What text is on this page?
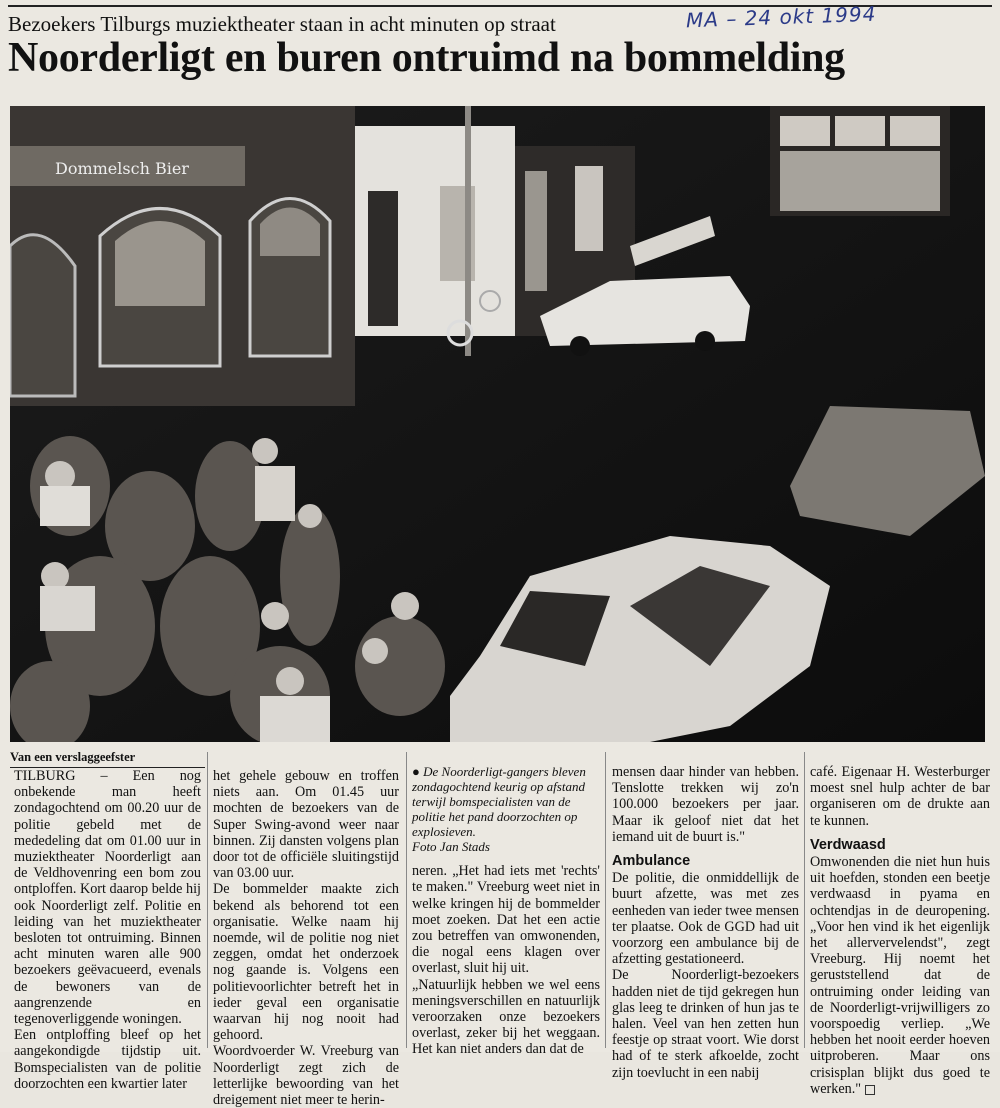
Bezoekers Tilburgs muziektheater staan in acht minuten op straat	MA – 24 okt 1994
Noorderligt en buren ontruimd na bommelding
Dommelsch Bier
Van een verslaggeefster

TILBURG – Een nog onbekende man heeft zondagochtend om 00.20 uur de politie gebeld met de mededeling dat om 01.00 uur in muziektheater Noorderligt aan de Veldhovenring een bom zou ontploffen. Kort daarop belde hij ook Noorderligt zelf. Politie en leiding van het muziektheater besloten tot ontruiming. Binnen acht minuten waren alle 900 bezoekers geëvacueerd, evenals de bewoners van de aangrenzende en tegenoverliggende woningen.

Een ontploffing bleef op het aangekondigde tijdstip uit. Bomspecialisten van de politie doorzochten een kwartier later

het gehele gebouw en troffen niets aan. Om 01.45 uur mochten de bezoekers van de Super Swing-avond weer naar binnen. Zij dansten volgens plan door tot de officiële sluitingstijd van 03.00 uur.

De bommelder maakte zich bekend als behorend tot een organisatie. Welke naam hij noemde, wil de politie nog niet zeggen, omdat het onderzoek nog gaande is. Volgens een politievoorlichter betreft het in ieder geval een organisatie waarvan hij nog nooit had gehoord.

Woordvoerder W. Vreeburg van Noorderligt zegt zich de letterlijke bewoording van het dreigement niet meer te herin-

● De Noorderligt-gangers bleven zondagochtend keurig op afstand terwijl bomspecialisten van de politie het pand doorzochten op explosieven.

Foto Jan Stads

neren. „Het had iets met 'rechts' te maken." Vreeburg weet niet in welke kringen hij de bommelder moet zoeken. Dat het een actie zou betreffen van omwonenden, die nogal eens klagen over overlast, sluit hij uit.

„Natuurlijk hebben we wel eens meningsverschillen en natuurlijk veroorzaken onze bezoekers overlast, zeker bij het weggaan. Het kan niet anders dan dat de

mensen daar hinder van hebben. Tenslotte trekken wij zo'n 100.000 bezoekers per jaar. Maar ik geloof niet dat het iemand uit de buurt is."

Ambulance

De politie, die onmiddellijk de buurt afzette, was met zes eenheden van ieder twee mensen ter plaatse. Ook de GGD had uit voorzorg een ambulance bij de afzetting gestationeerd.

De Noorderligt-bezoekers hadden niet de tijd gekregen hun glas leeg te drinken of hun jas te halen. Veel van hen zetten hun feestje op straat voort. Wie dorst had of te sterk afkoelde, zocht zijn toevlucht in een nabij

café. Eigenaar H. Westerburger moest snel hulp achter de bar organiseren om de drukte aan te kunnen.

Verdwaasd

Omwonenden die niet hun huis uit hoefden, stonden een beetje verdwaasd in pyama en ochtendjas in de deuropening. „Voor hen vind ik het eigenlijk het allervervelendst", zegt Vreeburg. Hij noemt het geruststellend dat de ontruiming onder leiding van de Noorderligt-vrijwilligers zo voorspoedig verliep. „We hebben het nooit eerder hoeven uitproberen. Maar ons crisisplan blijkt dus goed te werken."
